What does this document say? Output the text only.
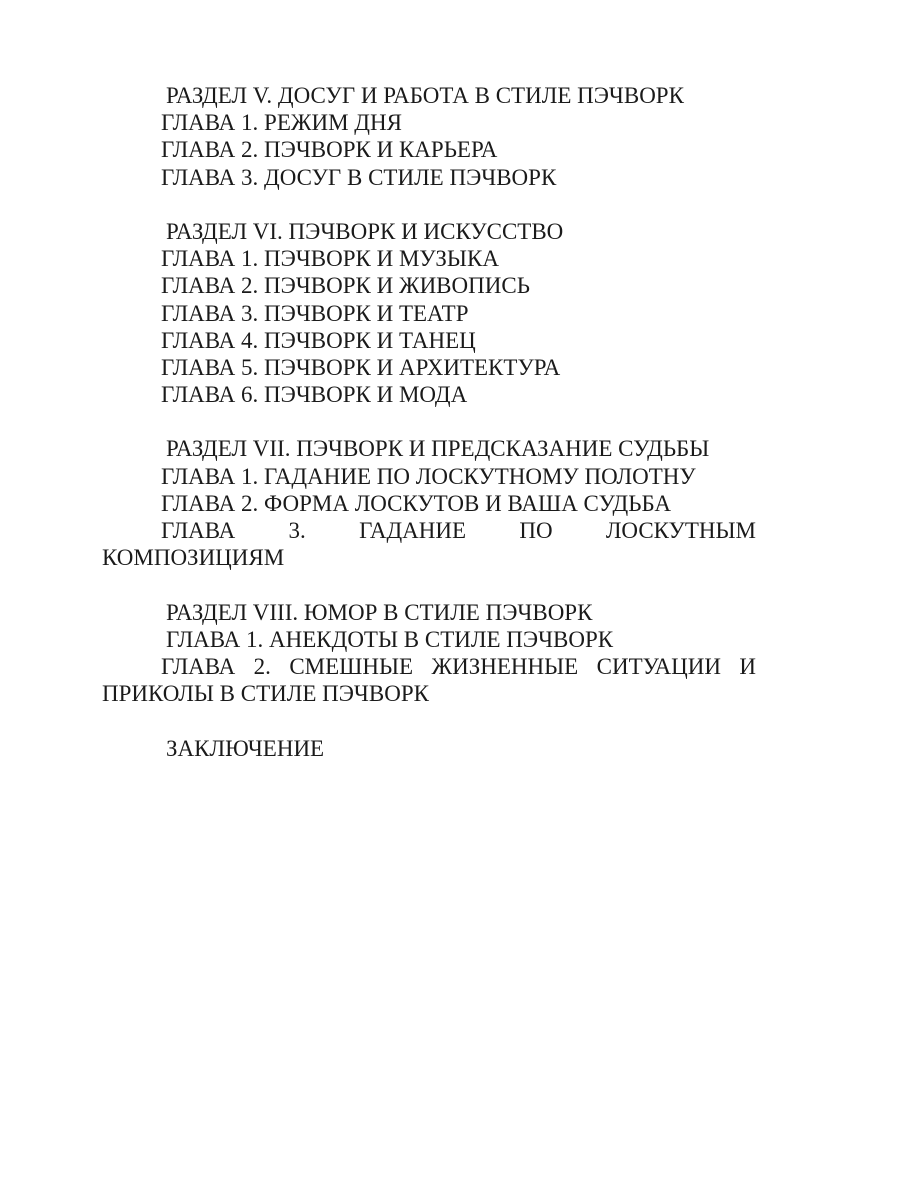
РАЗДЕЛ V. ДОСУГ И РАБОТА В СТИЛЕ ПЭЧВОРК
ГЛАВА 1. РЕЖИМ ДНЯ
ГЛАВА 2. ПЭЧВОРК И КАРЬЕРА
ГЛАВА 3. ДОСУГ В СТИЛЕ ПЭЧВОРК
РАЗДЕЛ VI. ПЭЧВОРК И ИСКУССТВО
ГЛАВА 1. ПЭЧВОРК И МУЗЫКА
ГЛАВА 2. ПЭЧВОРК И ЖИВОПИСЬ
ГЛАВА 3. ПЭЧВОРК И ТЕАТР
ГЛАВА 4. ПЭЧВОРК И ТАНЕЦ
ГЛАВА 5. ПЭЧВОРК И АРХИТЕКТУРА
ГЛАВА 6. ПЭЧВОРК И МОДА
РАЗДЕЛ VII. ПЭЧВОРК И ПРЕДСКАЗАНИЕ СУДЬБЫ
ГЛАВА 1. ГАДАНИЕ ПО ЛОСКУТНОМУ ПОЛОТНУ
ГЛАВА 2. ФОРМА ЛОСКУТОВ И ВАША СУДЬБА
ГЛАВА 3. ГАДАНИЕ ПО ЛОСКУТНЫМ
КОМПОЗИЦИЯМ
РАЗДЕЛ VIII. ЮМОР В СТИЛЕ ПЭЧВОРК
ГЛАВА 1. АНЕКДОТЫ В СТИЛЕ ПЭЧВОРК
ГЛАВА 2. СМЕШНЫЕ ЖИЗНЕННЫЕ СИТУАЦИИ И
ПРИКОЛЫ В СТИЛЕ ПЭЧВОРК
ЗАКЛЮЧЕНИЕ
